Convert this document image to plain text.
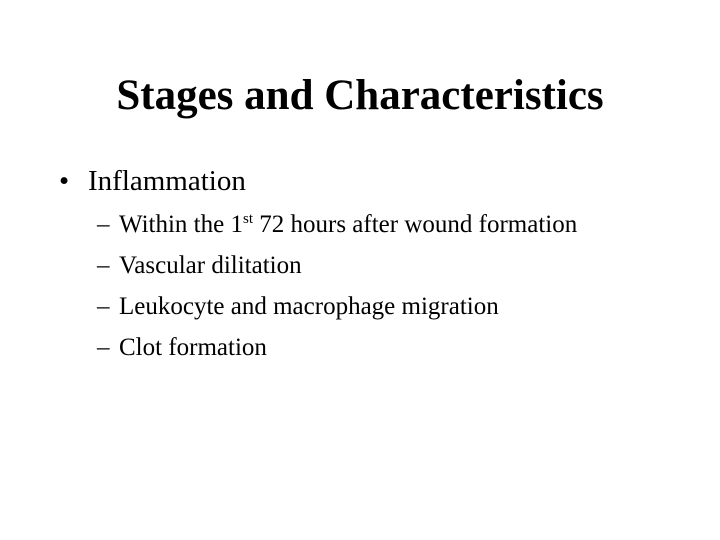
Stages and Characteristics
• Inflammation
– Within the 1st 72 hours after wound formation
– Vascular dilitation
– Leukocyte and macrophage migration
– Clot formation
